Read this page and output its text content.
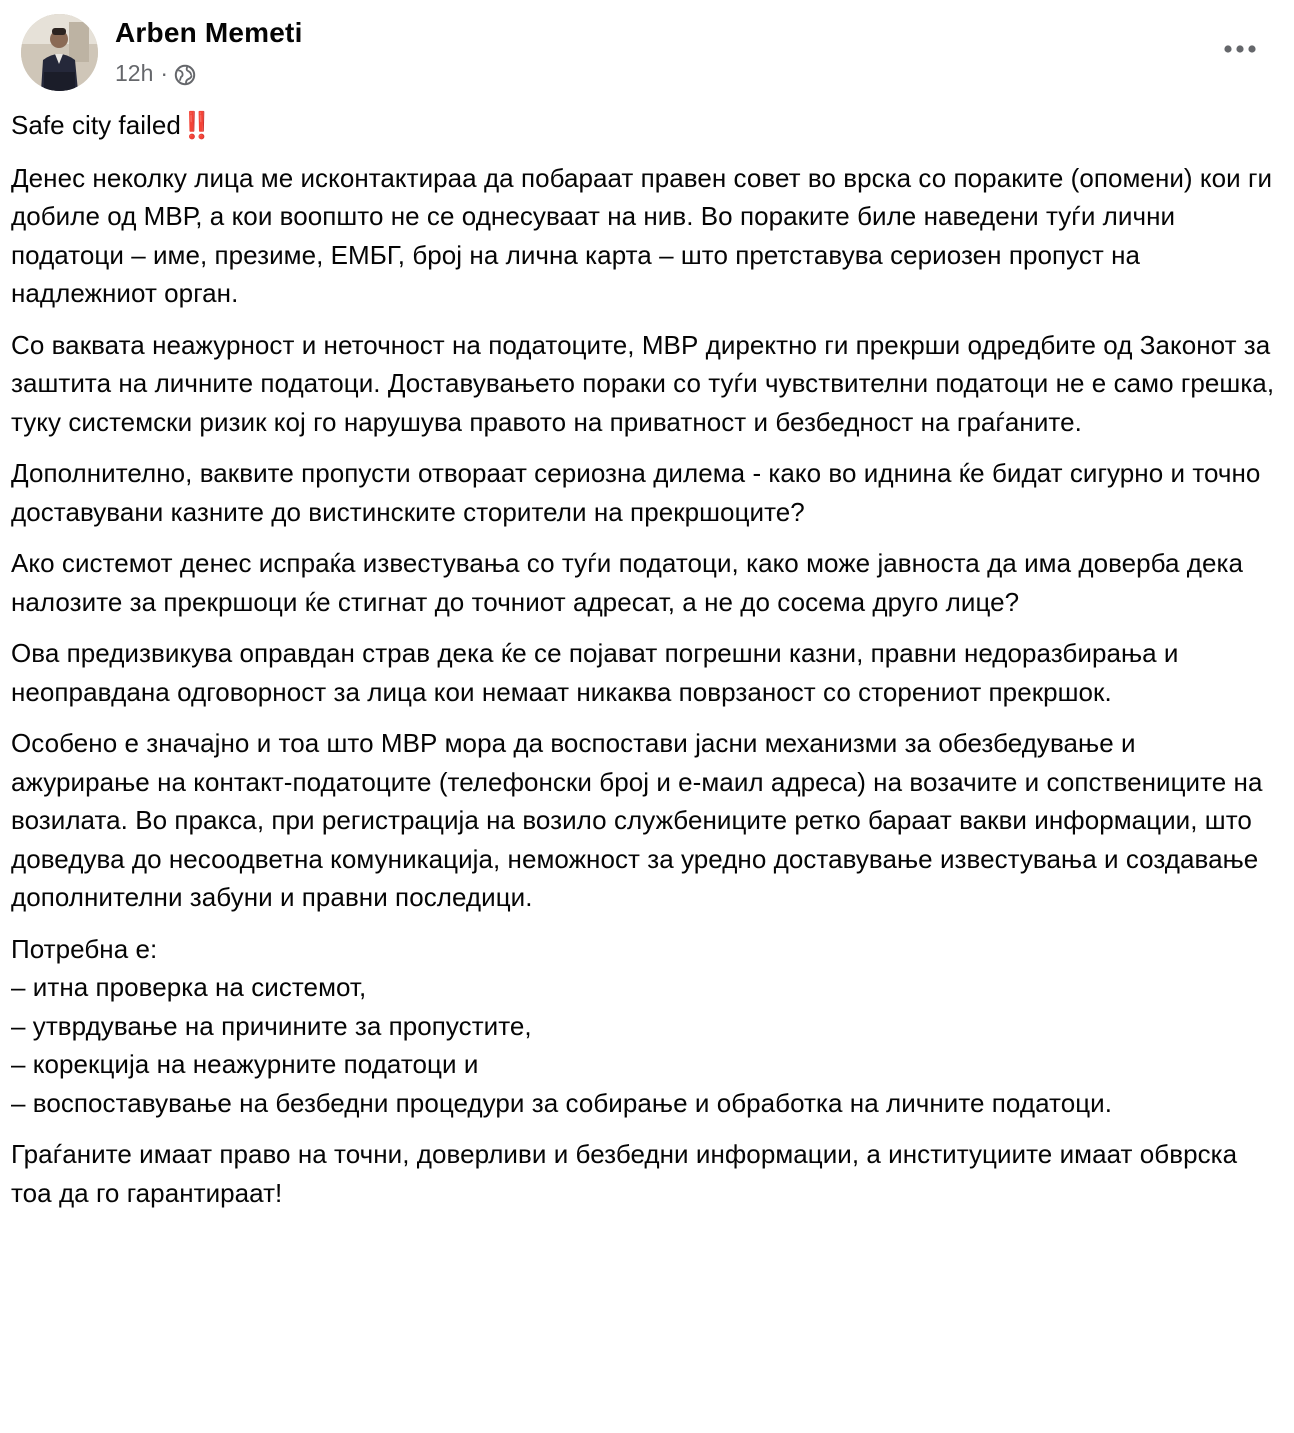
Arben Memeti
12h ·

Safe city failed‼️

Денес неколку лица ме исконтактираа да побараат правен совет во врска со пораките (опомени) кои ги добиле од МВР, а кои воопшто не се однесуваат на нив. Во пораките биле наведени туѓи лични податоци – име, презиме, ЕМБГ, број на лична карта – што претставува сериозен пропуст на надлежниот орган.

Со ваквата неажурност и неточност на податоците, МВР директно ги прекрши одредбите од Законот за заштита на личните податоци. Доставувањето пораки со туѓи чувствителни податоци не е само грешка, туку системски ризик кој го нарушува правото на приватност и безбедност на граѓаните.

Дополнително, ваквите пропусти отвораат сериозна дилема - како во иднина ќе бидат сигурно и точно доставувани казните до вистинските сторители на прекршоците?

Ако системот денес испраќа известувања со туѓи податоци, како може јавноста да има доверба дека налозите за прекршоци ќе стигнат до точниот адресат, а не до сосема друго лице?

Ова предизвикува оправдан страв дека ќе се појават погрешни казни, правни недоразбирања и неоправдана одговорност за лица кои немаат никаква поврзаност со сторениот прекршок.

Особено е значајно и тоа што МВР мора да воспостави јасни механизми за обезбедување и ажурирање на контакт-податоците (телефонски број и е-маил адреса) на возачите и сопствениците на возилата. Во пракса, при регистрација на возило службениците ретко бараат вакви информации, што доведува до несоодветна комуникација, неможност за уредно доставување известувања и создавање дополнителни забуни и правни последици.

Потребна е:
– итна проверка на системот,
– утврдување на причините за пропустите,
– корекција на неажурните податоци и
– воспоставување на безбедни процедури за собирање и обработка на личните податоци.

Граѓаните имаат право на точни, доверливи и безбедни информации, а институциите имаат обврска тоа да го гарантираат!
